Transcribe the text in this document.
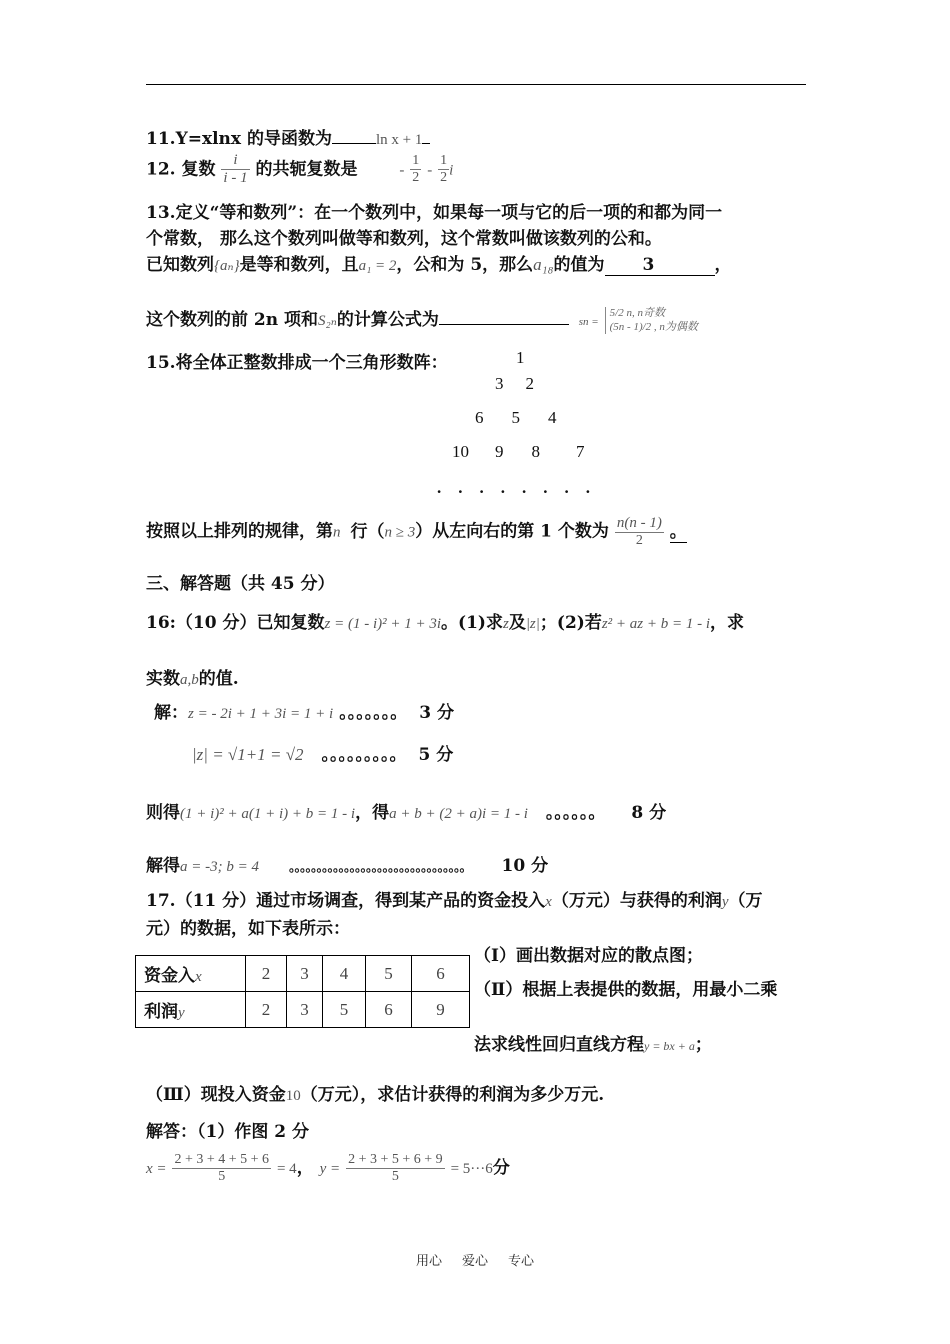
11.Y=xlnx 的导函数为	ln x + 1
12. 复数 $\frac{i}{i - 1}$ 的共轭复数是	- $\frac{1}{2} - \frac{1}{2}$ i
13.定义“等和数列”：在一个数列中，如果每一项与它的后一项的和都为同一
个常数， 那么这个数列叫做等和数列，这个常数叫做该数列的公和。
已知数列{aₙ}是等和数列，且a₁ = 2，公和为 5，那么a₁₈的值为 3	，
这个数列的前 2n 项和S₂ₙ的计算公式为	sn =
5/2 n, n奇数
(5n - 1)/2 , n为偶数
15.将全体正整数排成一个三角形数阵：	1
3 2
6 5 4
10 9 8 7
. . . . . . . .
按照以上排列的规律，第n 行（n ≥ 3）从左向右的第 1 个数为 $\frac{n(n - 1)}{2}$ 。
三、解答题（共 45 分）
16:（10 分）已知复数z = (1 - i)² + 1 + 3i。(1)求z及|z|；(2)若z² + az + b = 1 - i，求
实数a,b的值.
解：z = - 2i + 1 + 3i = 1 + i 。。。。。。。 3 分
|z| = √1+1 = √2 。。。。。。。。。 5 分
则得(1 + i)² + a(1 + i) + b = 1 - i，得a + b + (2 + a)i = 1 - i 。。。。。。 8 分
解得a = -3; b = 4 。。。。。。。。。。。。。。。。。。。。。。。。。。。。。。。。 10 分
17.（11 分）通过市场调查，得到某产品的资金投入x（万元）与获得的利润y（万
元）的数据，如下表所示：
资金入x	2	3	4	5	6
利润y	2	3	5	6	9
（Ⅰ）画出数据对应的散点图；
（Ⅱ）根据上表提供的数据，用最小二乘
法求线性回归直线方程y = bx + a；
（Ⅲ）现投入资金10（万元），求估计获得的利润为多少万元.
解答：（1）作图 2 分
$x = \frac{2 + 3 + 4 + 5 + 6}{5} = 4$， $y = \frac{2 + 3 + 5 + 6 + 9}{5} = 5\cdot\cdot\cdot 6$分
用心 爱心 专心
